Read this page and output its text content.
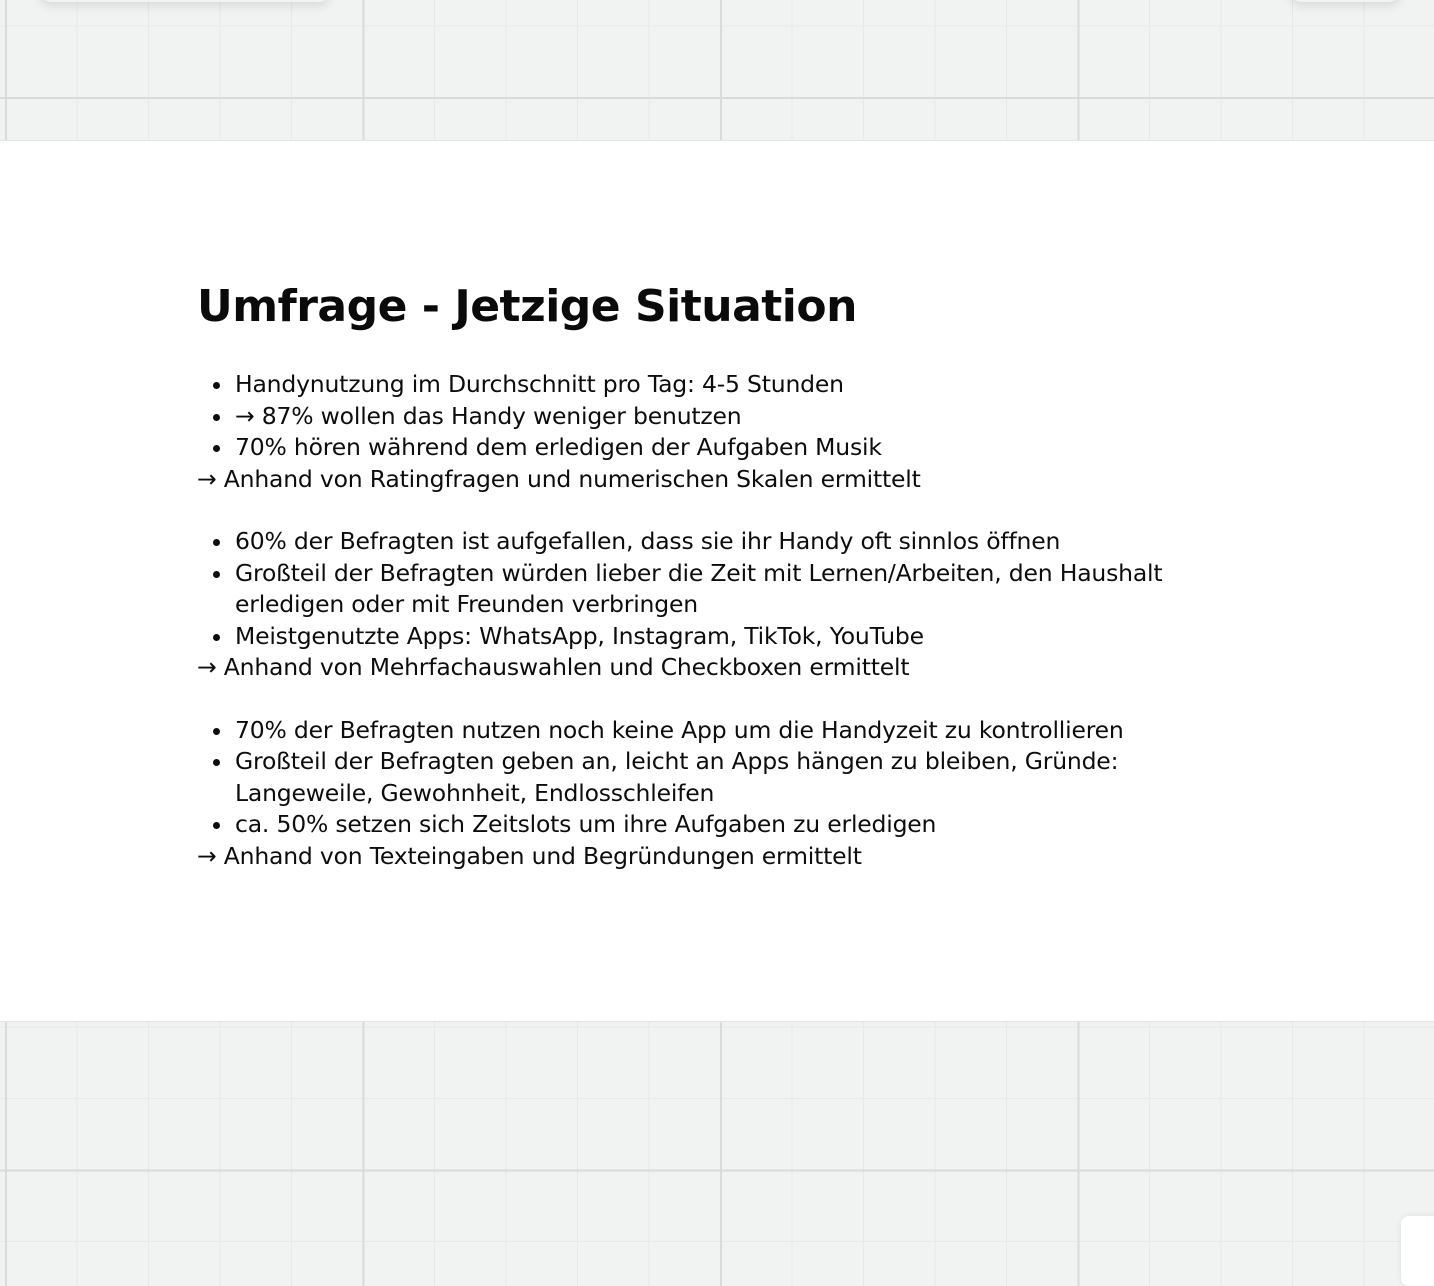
Umfrage - Jetzige Situation
Handynutzung im Durchschnitt pro Tag: 4-5 Stunden
→ 87% wollen das Handy weniger benutzen
70% hören während dem erledigen der Aufgaben Musik
→ Anhand von Ratingfragen und numerischen Skalen ermittelt
60% der Befragten ist aufgefallen, dass sie ihr Handy oft sinnlos öffnen
Großteil der Befragten würden lieber die Zeit mit Lernen/Arbeiten, den Haushalt erledigen oder mit Freunden verbringen
Meistgenutzte Apps: WhatsApp, Instagram, TikTok, YouTube
→ Anhand von Mehrfachauswahlen und Checkboxen ermittelt
70% der Befragten nutzen noch keine App um die Handyzeit zu kontrollieren
Großteil der Befragten geben an, leicht an Apps hängen zu bleiben, Gründe: Langeweile, Gewohnheit, Endlosschleifen
ca. 50% setzen sich Zeitslots um ihre Aufgaben zu erledigen
→ Anhand von Texteingaben und Begründungen ermittelt
